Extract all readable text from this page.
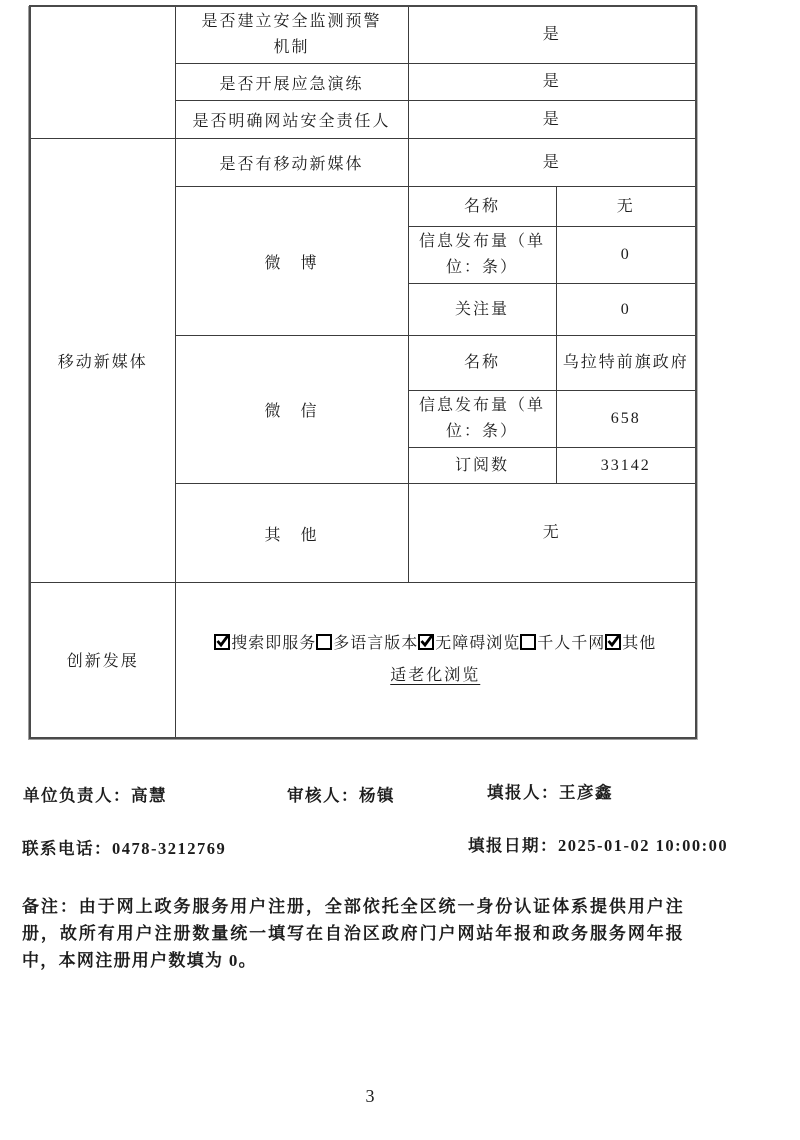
	是否建立安全监测预警机制	是	
	是否开展应急演练	是	
	是否明确网站安全责任人	是	
移动新媒体	是否有移动新媒体	是	
	微　博	名称	无
		信息发布量（单位：条）	0
		关注量	0
	微　信	名称	乌拉特前旗政府
		信息发布量（单位：条）	658
		订阅数	33142
	其　他	无	
创新发展	搜索即服务 多语言版本 无障碍浏览 千人千网 其他
适老化浏览		
单位负责人：高慧	审核人：杨镇	填报人：王彦鑫
联系电话：0478-3212769	填报日期：2025-01-02 10:00:00
备注：由于网上政务服务用户注册，全部依托全区统一身份认证体系提供用户注册，故所有用户注册数量统一填写在自治区政府门户网站年报和政务服务网年报中，本网注册用户数填为 0。
3
